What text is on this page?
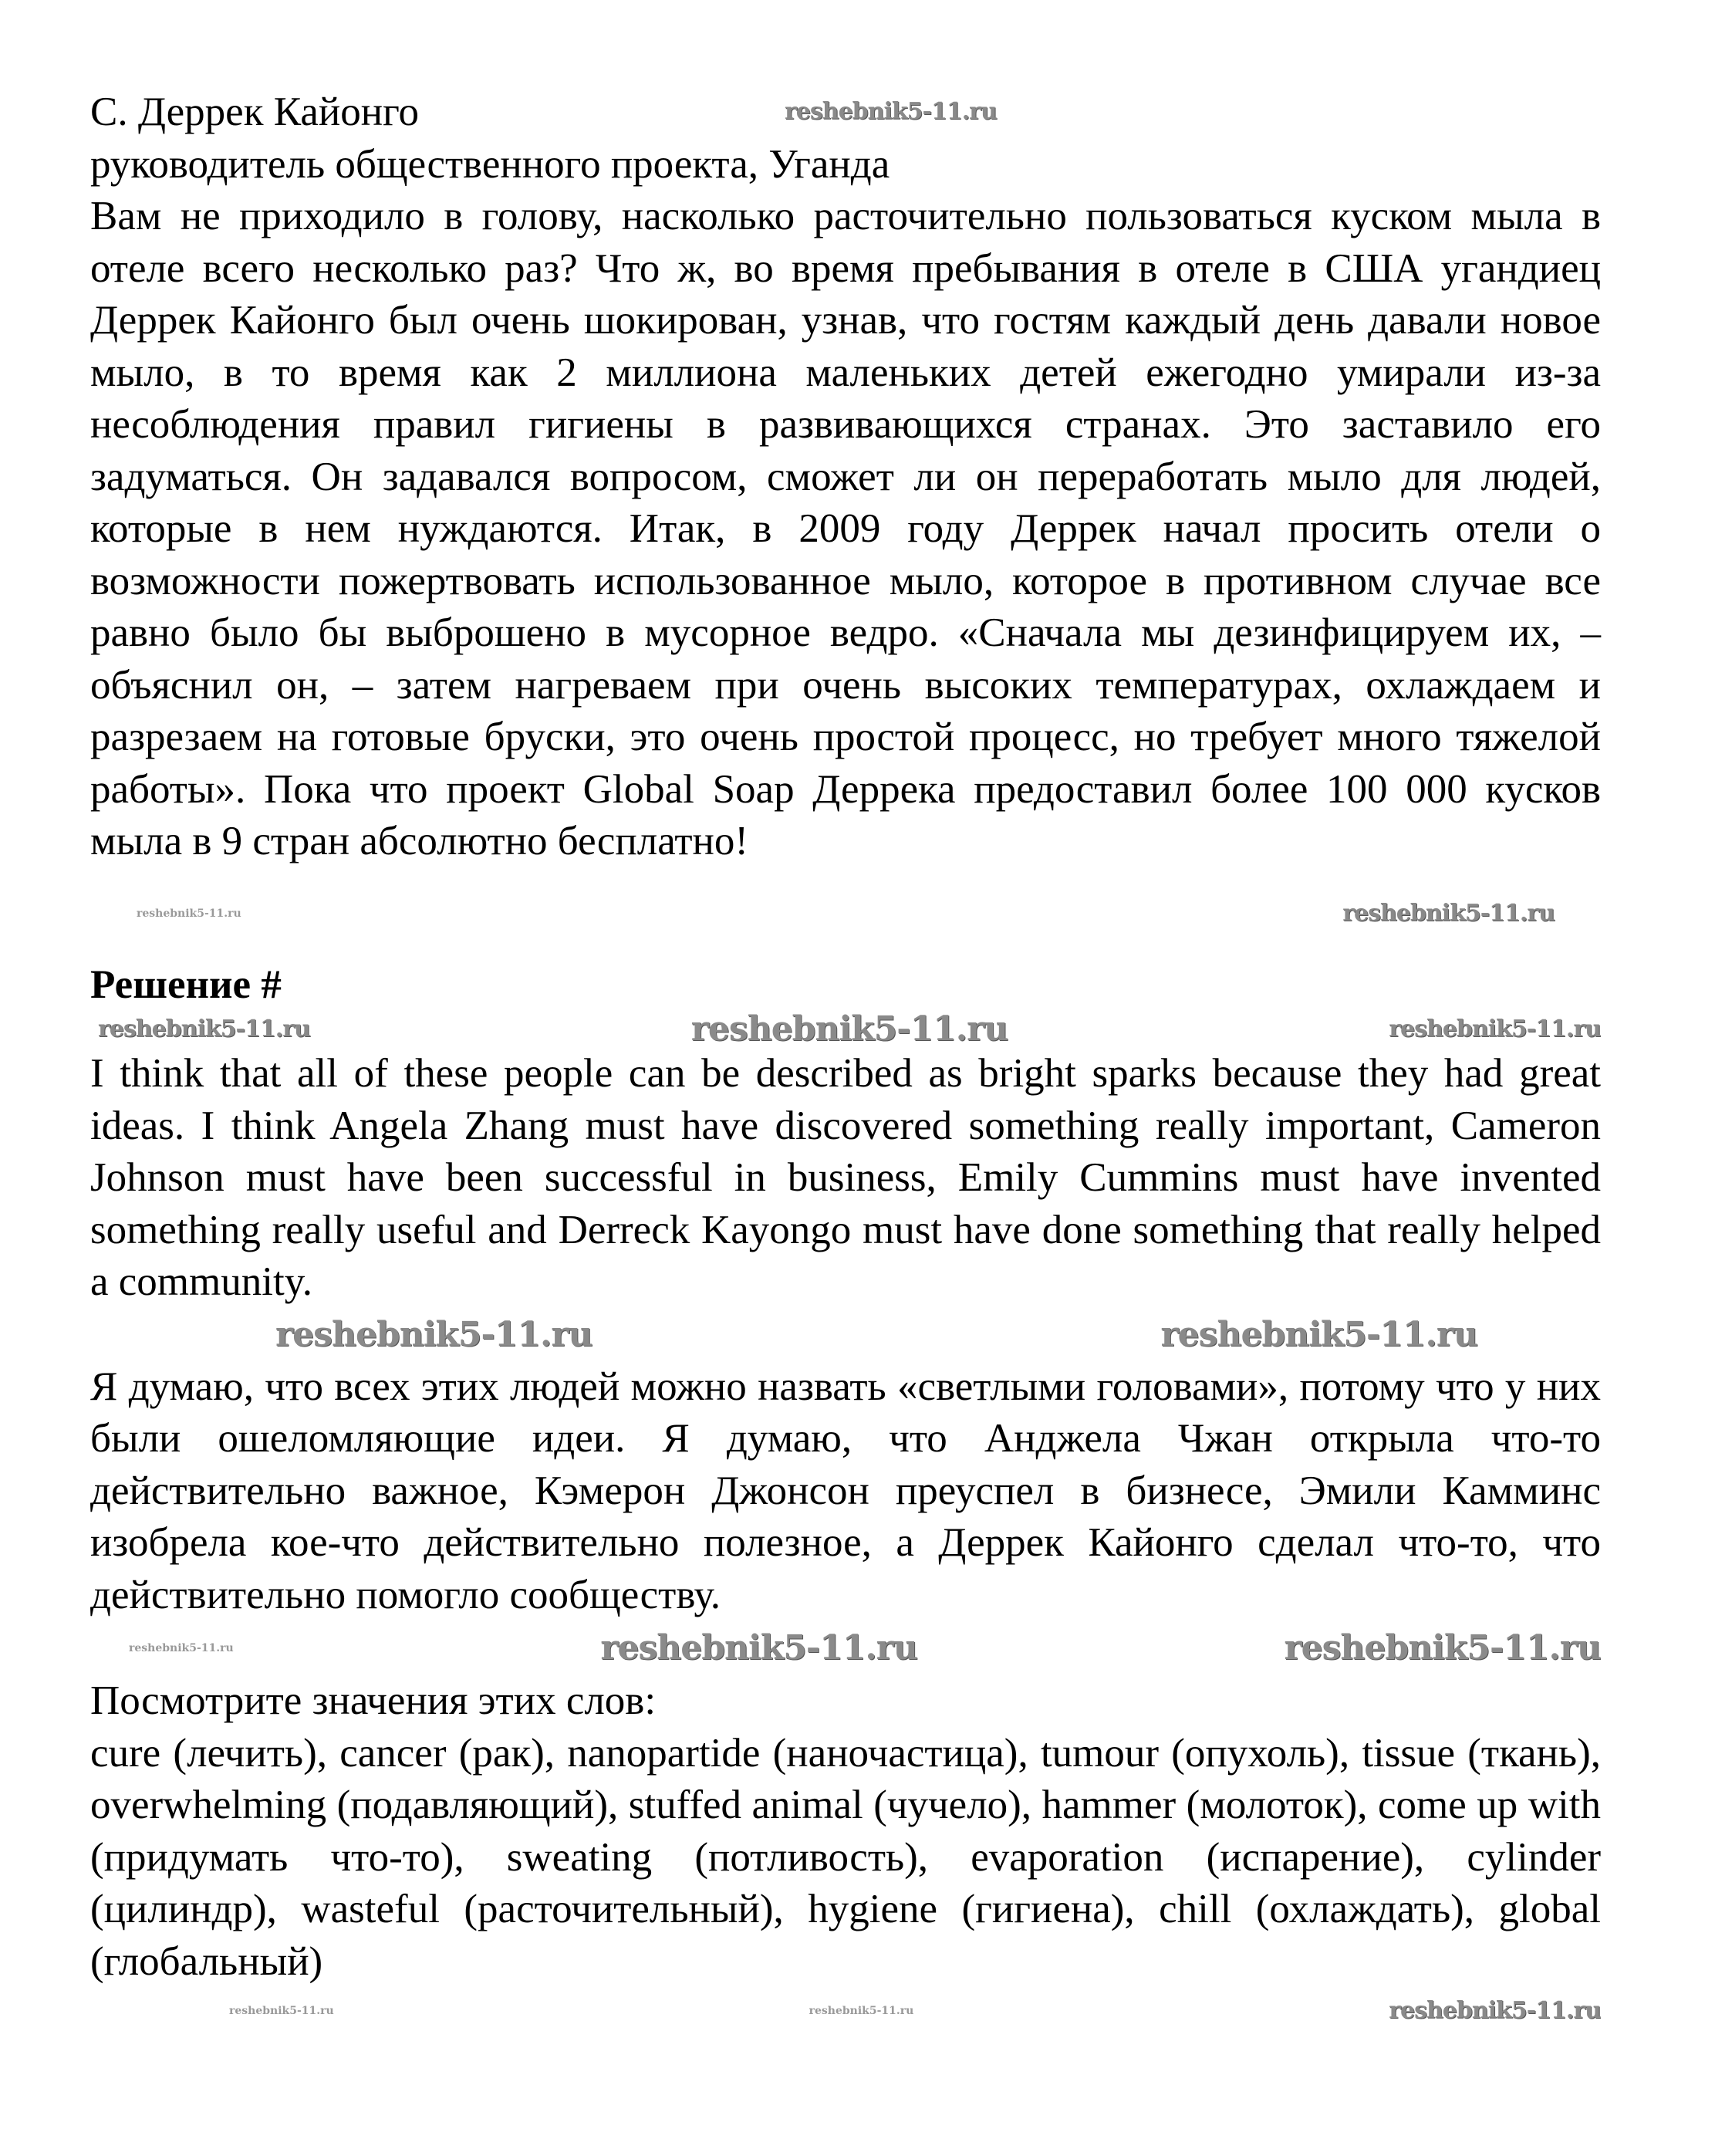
С. Деррек Кайонго	reshebnik5-11.ru
руководитель общественного проекта, Уганда
Вам не приходило в голову, насколько расточительно пользоваться куском мыла в отеле всего несколько раз? Что ж, во время пребывания в отеле в США угандиец Деррек Кайонго был очень шокирован, узнав, что гостям каждый день давали новое мыло, в то время как 2 миллиона маленьких детей ежегодно умирали из-за несоблюдения правил гигиены в развивающихся странах. Это заставило его задуматься. Он задавался вопросом, сможет ли он переработать мыло для людей, которые в нем нуждаются. Итак, в 2009 году Деррек начал просить отели о возможности пожертвовать использованное мыло, которое в противном случае все равно было бы выброшено в мусорное ведро. «Сначала мы дезинфицируем их, – объяснил он, – затем нагреваем при очень высоких температурах, охлаждаем и разрезаем на готовые бруски, это очень простой процесс, но требует много тяжелой работы». Пока что проект Global Soap Деррека предоставил более 100 000 кусков мыла в 9 стран абсолютно бесплатно!
reshebnik5-11.ru	reshebnik5-11.ru
Решение #
reshebnik5-11.ru	reshebnik5-11.ru	reshebnik5-11.ru
I think that all of these people can be described as bright sparks because they had great ideas. I think Angela Zhang must have discovered something really important, Cameron Johnson must have been successful in business, Emily Cummins must have invented something really useful and Derreck Kayongo must have done something that really helped a community.
reshebnik5-11.ru	reshebnik5-11.ru
Я думаю, что всех этих людей можно назвать «светлыми головами», потому что у них были ошеломляющие идеи. Я думаю, что Анджела Чжан открыла что-то действительно важное, Кэмерон Джонсон преуспел в бизнесе, Эмили Камминс изобрела кое-что действительно полезное, а Деррек Кайонго сделал что-то, что действительно помогло сообществу.
reshebnik5-11.ru	reshebnik5-11.ru	reshebnik5-11.ru
Посмотрите значения этих слов:
cure (лечить), cancer (рак), nanopartide (наночастица), tumour (опухоль), tissue (ткань), overwhelming (подавляющий), stuffed animal (чучело), hammer (молоток), come up with (придумать что-то), sweating (потливость), evaporation (испарение), cylinder (цилиндр), wasteful (расточительный), hygiene (гигиена), chill (охлаждать), global (глобальный)
reshebnik5-11.ru	reshebnik5-11.ru	reshebnik5-11.ru
